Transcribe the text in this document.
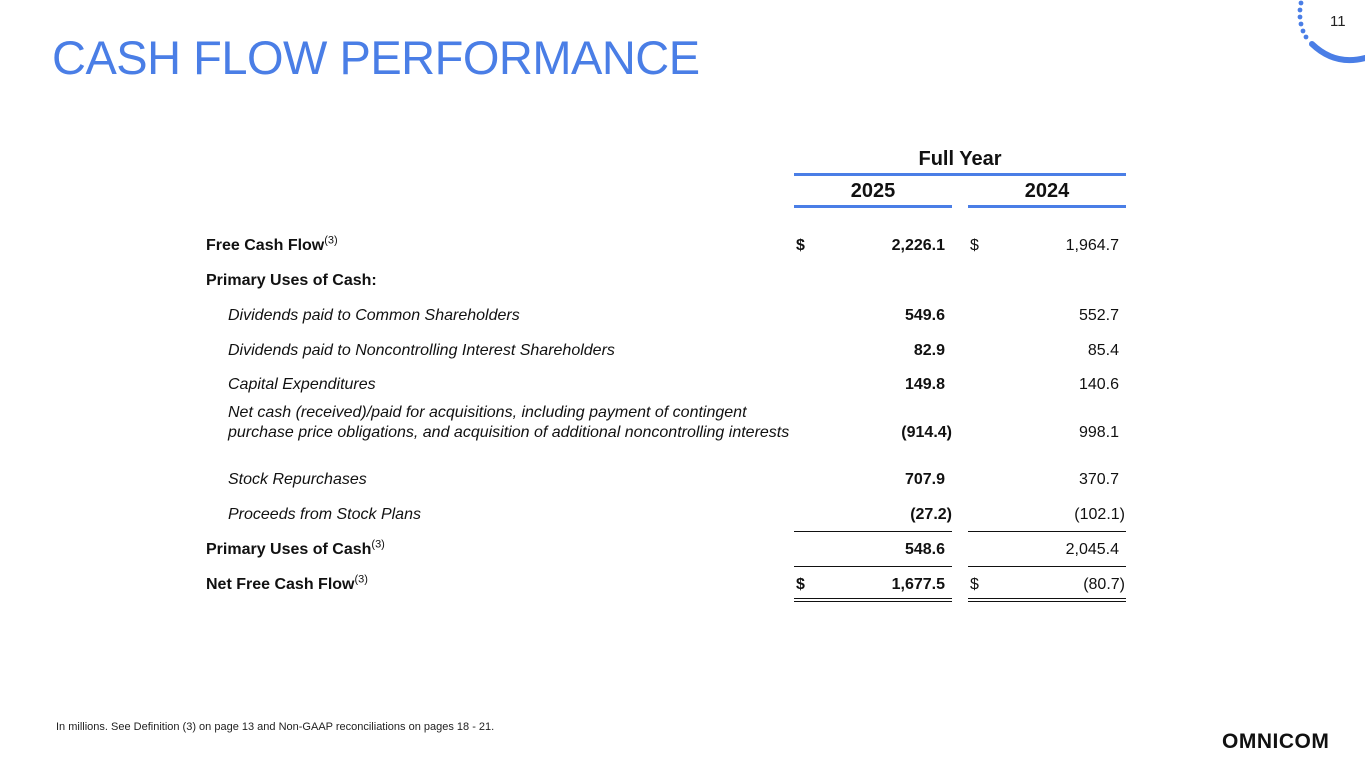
CASH FLOW PERFORMANCE
11
Full Year
2025	2024
Free Cash Flow$^{(3)}$	$	2,226.1 $	1,964.7
Primary Uses of Cash:
Dividends paid to Common Shareholders	549.6	552.7
Dividends paid to Noncontrolling Interest Shareholders	82.9	85.4
Capital Expenditures	149.8	140.6
Net cash (received)/paid for acquisitions, including payment of contingent purchase price obligations, and acquisition of additional noncontrolling interests	(914.4)	998.1
Stock Repurchases	707.9	370.7
Proceeds from Stock Plans	(27.2)	(102.1)
Primary Uses of Cash$^{(3)}$	548.6	2,045.4
Net Free Cash Flow$^{(3)}$	$	1,677.5 $	(80.7)
In millions. See Definition (3) on page 13 and Non-GAAP reconciliations on pages 18 - 21.
OMNICOM
